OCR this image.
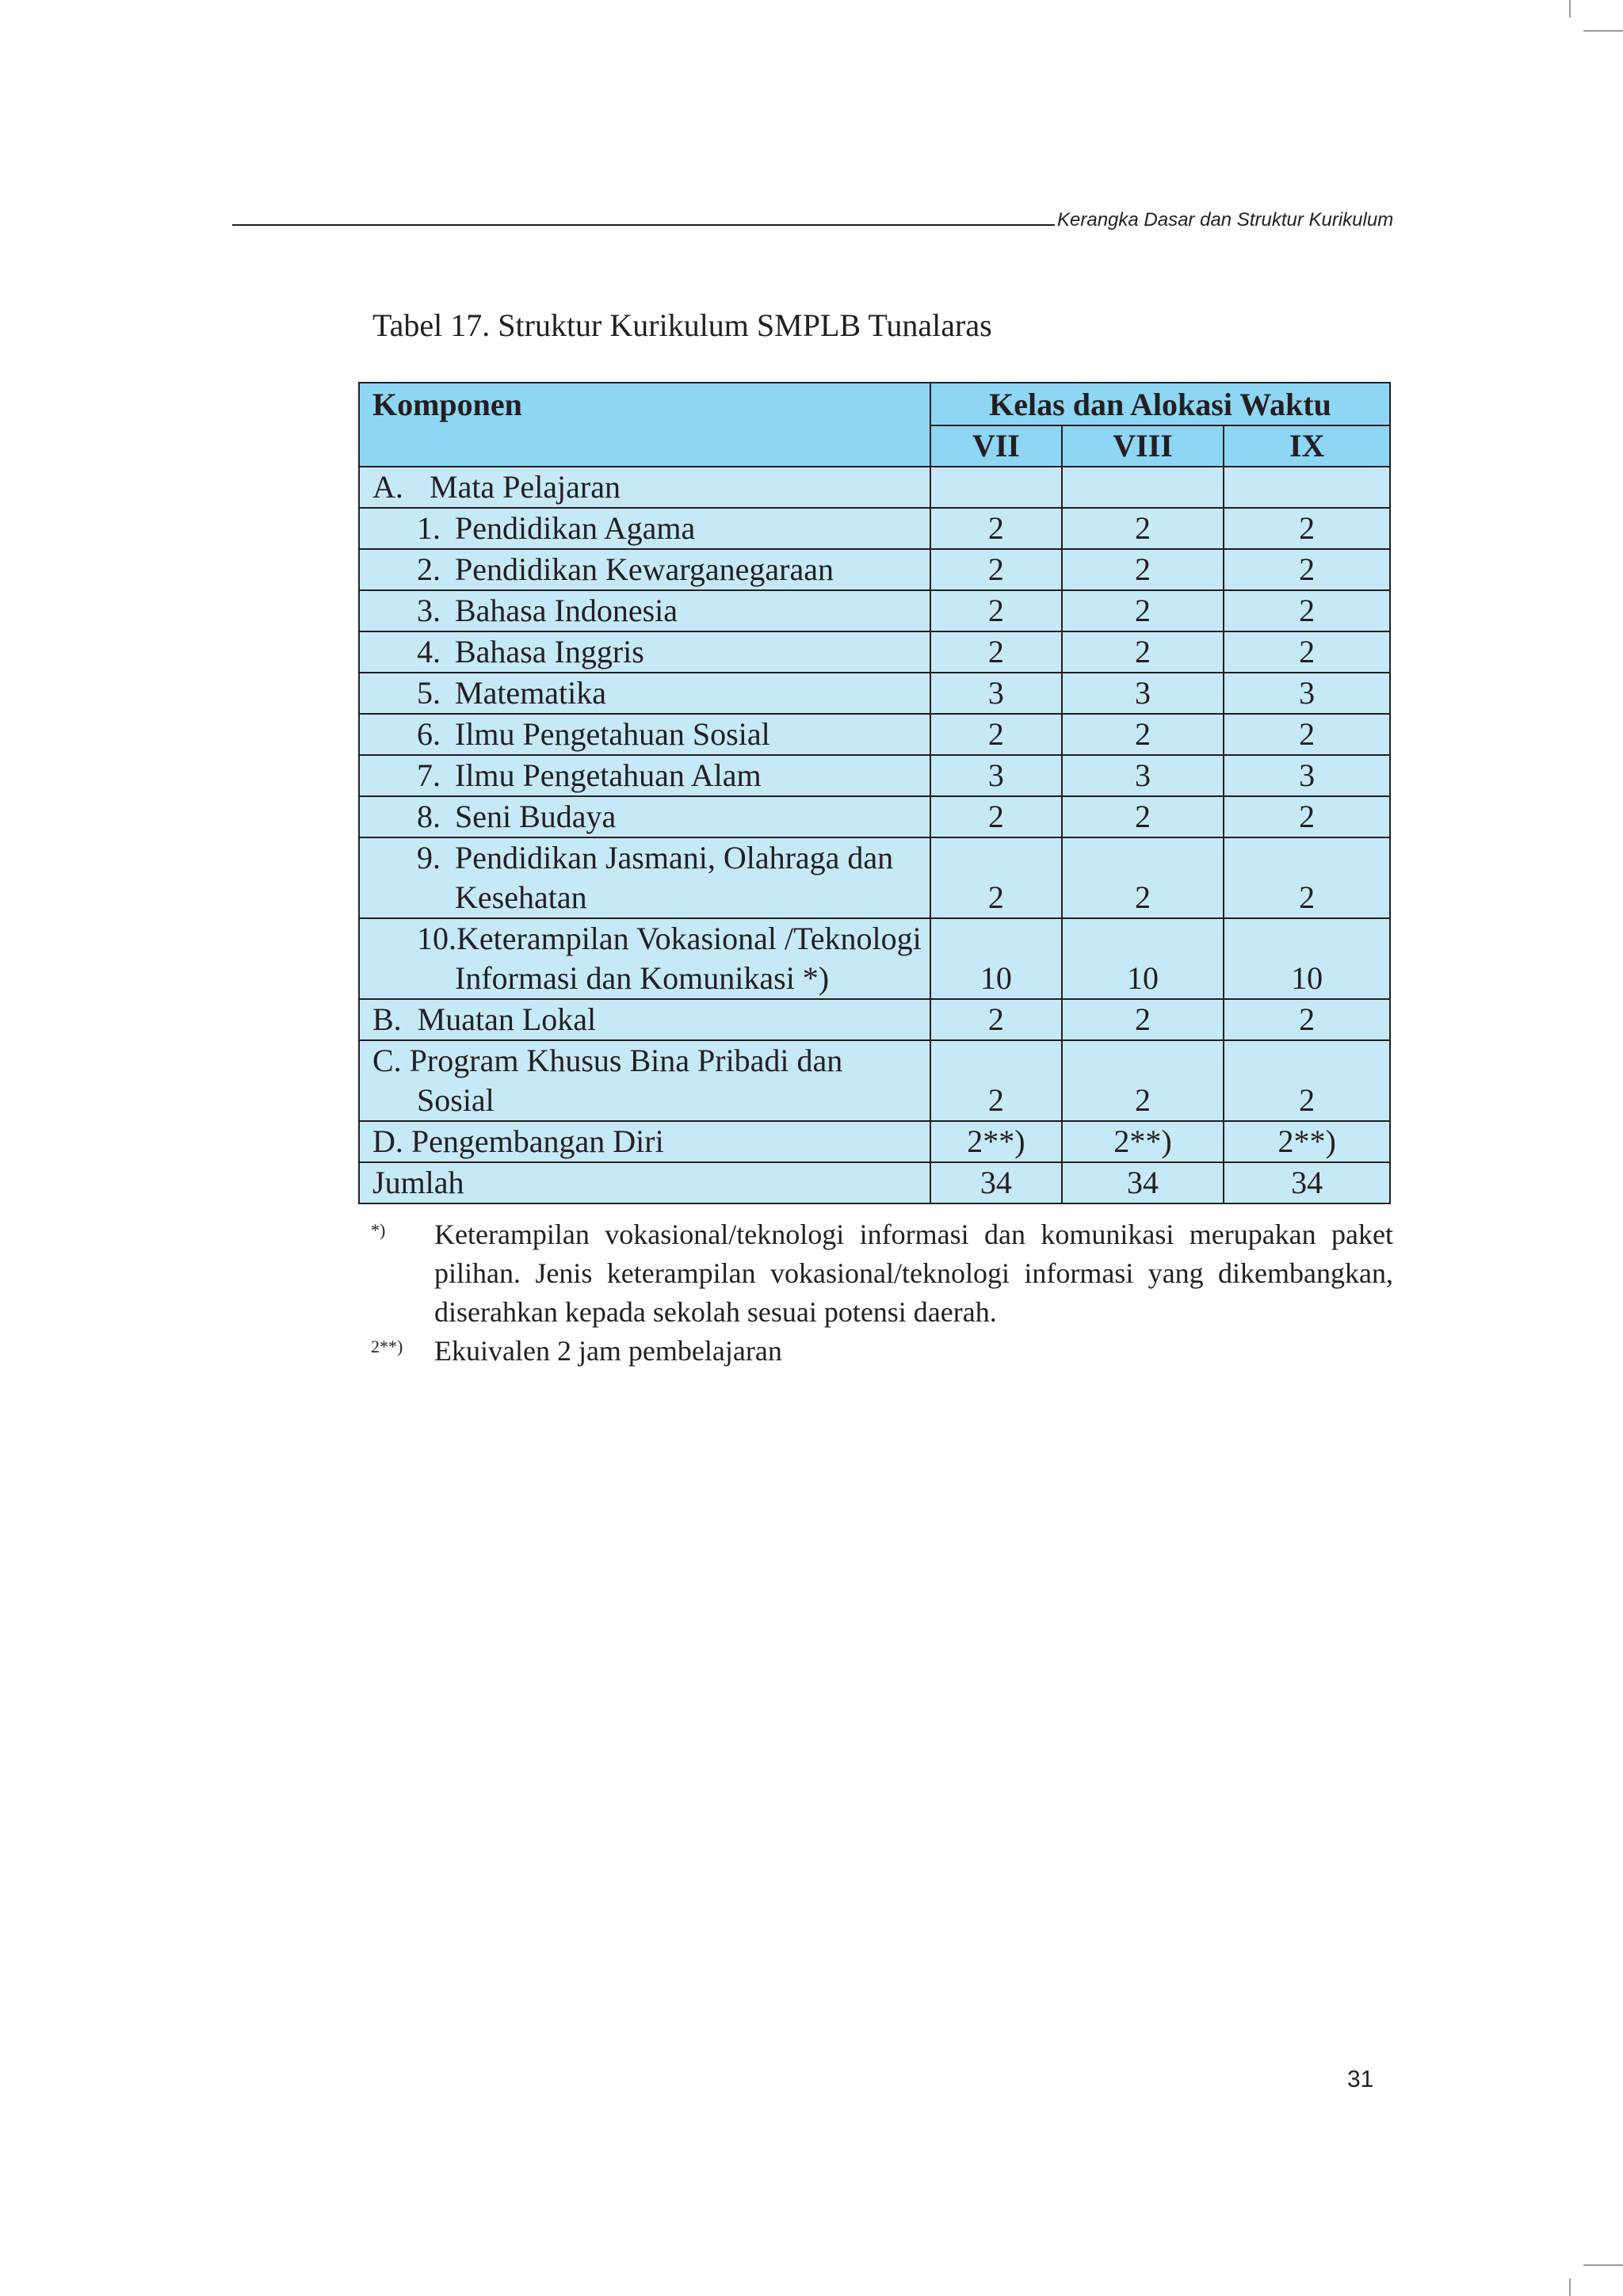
Kerangka Dasar dan Struktur Kurikulum
Tabel 17. Struktur Kurikulum SMPLB Tunalaras
Komponen	Kelas dan Alokasi Waktu		
	VII	VIII	IX
A. Mata Pelajaran			
1. Pendidikan Agama	2	2	2
2. Pendidikan Kewarganegaraan	2	2	2
3. Bahasa Indonesia	2	2	2
4. Bahasa Inggris	2	2	2
5. Matematika	3	3	3
6. Ilmu Pengetahuan Sosial	2	2	2
7. Ilmu Pengetahuan Alam	3	3	3
8. Seni Budaya	2	2	2
9. Pendidikan Jasmani, Olahraga dan
Kesehatan	2	2	2
10.Keterampilan Vokasional /Teknologi
Informasi dan Komunikasi *)	10	10	10
B.  Muatan Lokal	2	2	2
C. Program Khusus Bina Pribadi dan
Sosial	2	2	2
D. Pengembangan Diri	2**)	2**)	2**)
Jumlah	34	34	34
*) Keterampilan vokasional/teknologi informasi dan komunikasi merupakan paket pilihan. Jenis keterampilan vokasional/teknologi informasi yang dikembangkan, diserahkan kepada sekolah sesuai potensi daerah.
2**) Ekuivalen 2 jam pembelajaran
31
